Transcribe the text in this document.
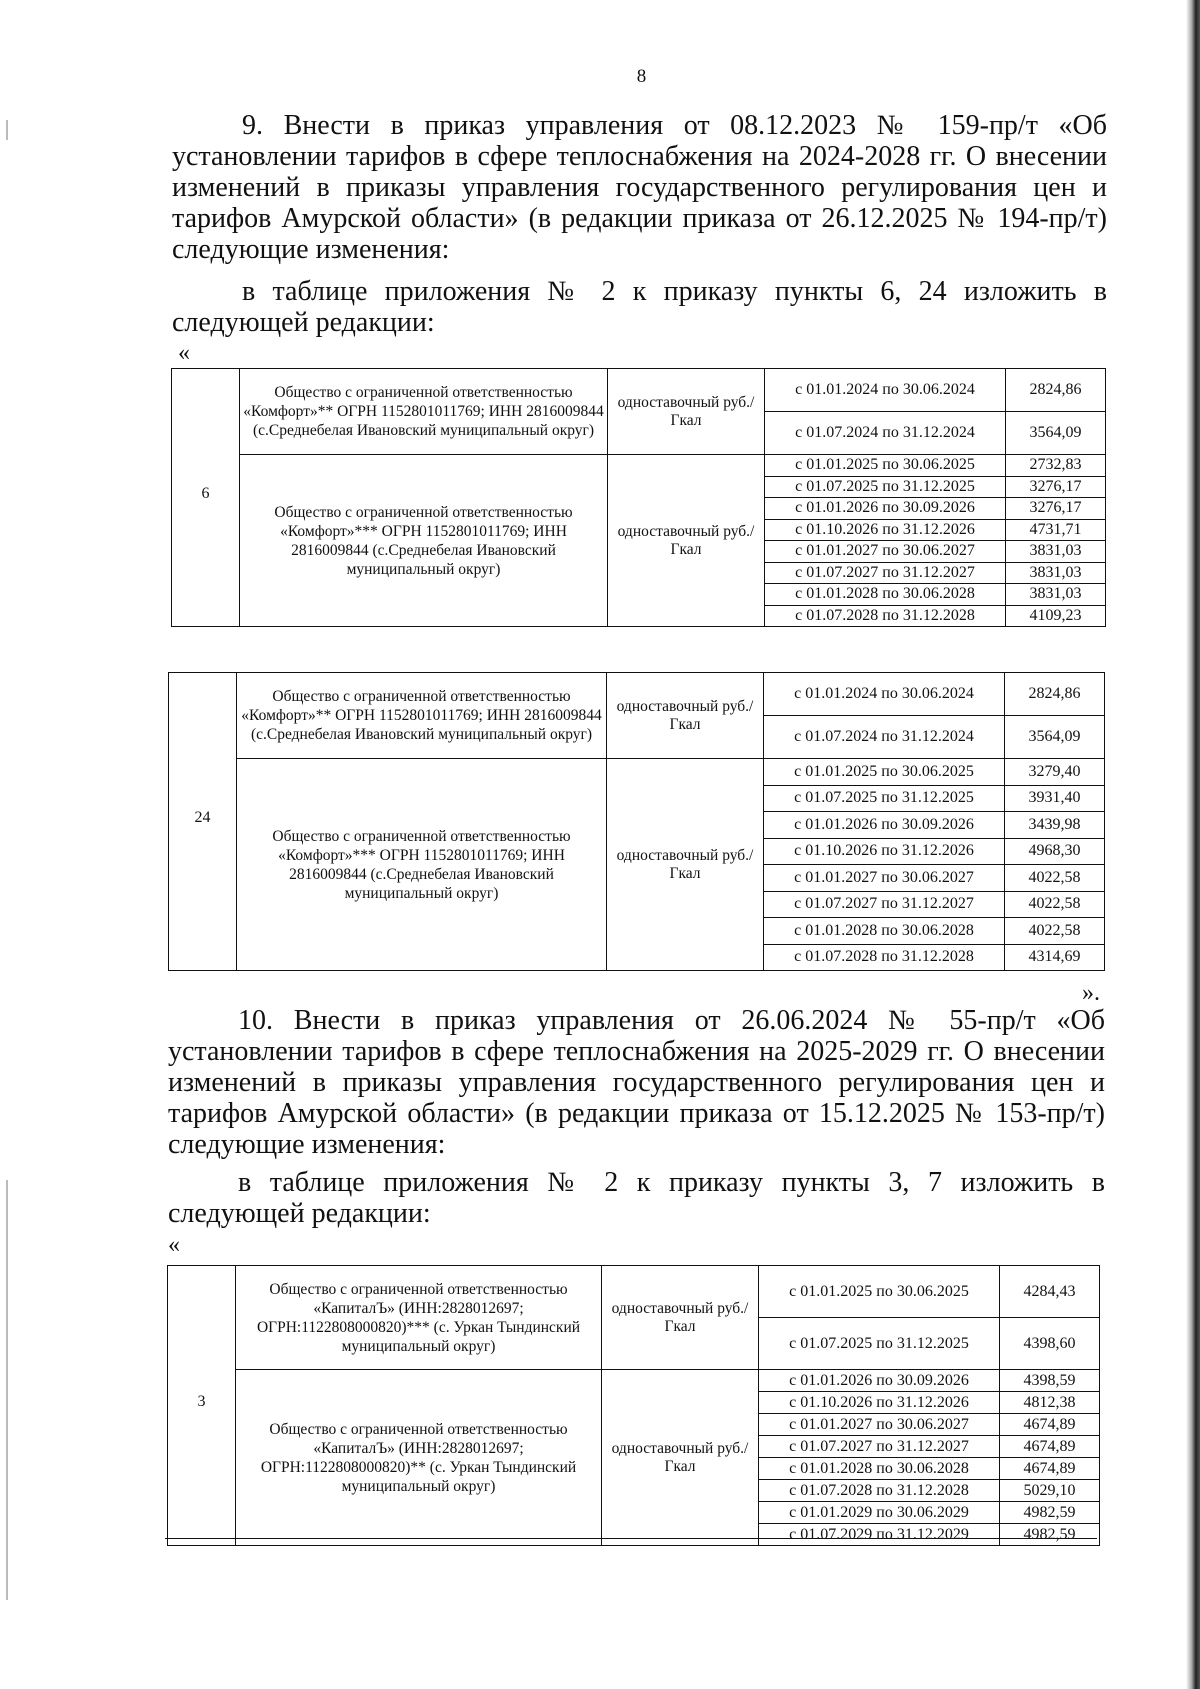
8

9. Внести в приказ управления от 08.12.2023 № 159-пр/т «Об установлении тарифов в сфере теплоснабжения на 2024-2028 гг. О внесении изменений в приказы управления государственного регулирования цен и тарифов Амурской области» (в редакции приказа от 26.12.2025 № 194-пр/т) следующие изменения:

в таблице приложения № 2 к приказу пункты 6, 24 изложить в следующей редакции:

«
6	Общество с ограниченной ответственностью «Комфорт»** ОГРН 1152801011769; ИНН 2816009844 (с.Среднебелая Ивановский муниципальный округ)	одноставочный руб./Гкал	с 01.01.2024 по 30.06.2024	2824,86
			с 01.07.2024 по 31.12.2024	3564,09
	Общество с ограниченной ответственностью «Комфорт»*** ОГРН 1152801011769; ИНН 2816009844 (с.Среднебелая Ивановский муниципальный округ)	одноставочный руб./Гкал	с 01.01.2025 по 30.06.2025	2732,83
			с 01.07.2025 по 31.12.2025	3276,17
			с 01.01.2026 по 30.09.2026	3276,17
			с 01.10.2026 по 31.12.2026	4731,71
			с 01.01.2027 по 30.06.2027	3831,03
			с 01.07.2027 по 31.12.2027	3831,03
			с 01.01.2028 по 30.06.2028	3831,03
			с 01.07.2028 по 31.12.2028	4109,23
24	Общество с ограниченной ответственностью «Комфорт»** ОГРН 1152801011769; ИНН 2816009844 (с.Среднебелая Ивановский муниципальный округ)	одноставочный руб./Гкал	с 01.01.2024 по 30.06.2024	2824,86
			с 01.07.2024 по 31.12.2024	3564,09
	Общество с ограниченной ответственностью «Комфорт»*** ОГРН 1152801011769; ИНН 2816009844 (с.Среднебелая Ивановский муниципальный округ)	одноставочный руб./Гкал	с 01.01.2025 по 30.06.2025	3279,40
			с 01.07.2025 по 31.12.2025	3931,40
			с 01.01.2026 по 30.09.2026	3439,98
			с 01.10.2026 по 31.12.2026	4968,30
			с 01.01.2027 по 30.06.2027	4022,58
			с 01.07.2027 по 31.12.2027	4022,58
			с 01.01.2028 по 30.06.2028	4022,58
			с 01.07.2028 по 31.12.2028	4314,69
».

10. Внести в приказ управления от 26.06.2024 № 55-пр/т «Об установлении тарифов в сфере теплоснабжения на 2025-2029 гг. О внесении изменений в приказы управления государственного регулирования цен и тарифов Амурской области» (в редакции приказа от 15.12.2025 № 153-пр/т) следующие изменения:

в таблице приложения № 2 к приказу пункты 3, 7 изложить в следующей редакции:

«
3	Общество с ограниченной ответственностью «КапиталЪ» (ИНН:2828012697; ОГРН:1122808000820)*** (с. Уркан Тындинский муниципальный округ)	одноставочный руб./Гкал	с 01.01.2025 по 30.06.2025	4284,43
			с 01.07.2025 по 31.12.2025	4398,60
	Общество с ограниченной ответственностью «КапиталЪ» (ИНН:2828012697; ОГРН:1122808000820)** (с. Уркан Тындинский муниципальный округ)	одноставочный руб./Гкал	с 01.01.2026 по 30.09.2026	4398,59
			с 01.10.2026 по 31.12.2026	4812,38
			с 01.01.2027 по 30.06.2027	4674,89
			с 01.07.2027 по 31.12.2027	4674,89
			с 01.01.2028 по 30.06.2028	4674,89
			с 01.07.2028 по 31.12.2028	5029,10
			с 01.01.2029 по 30.06.2029	4982,59
			с 01.07.2029 по 31.12.2029	4982,59
